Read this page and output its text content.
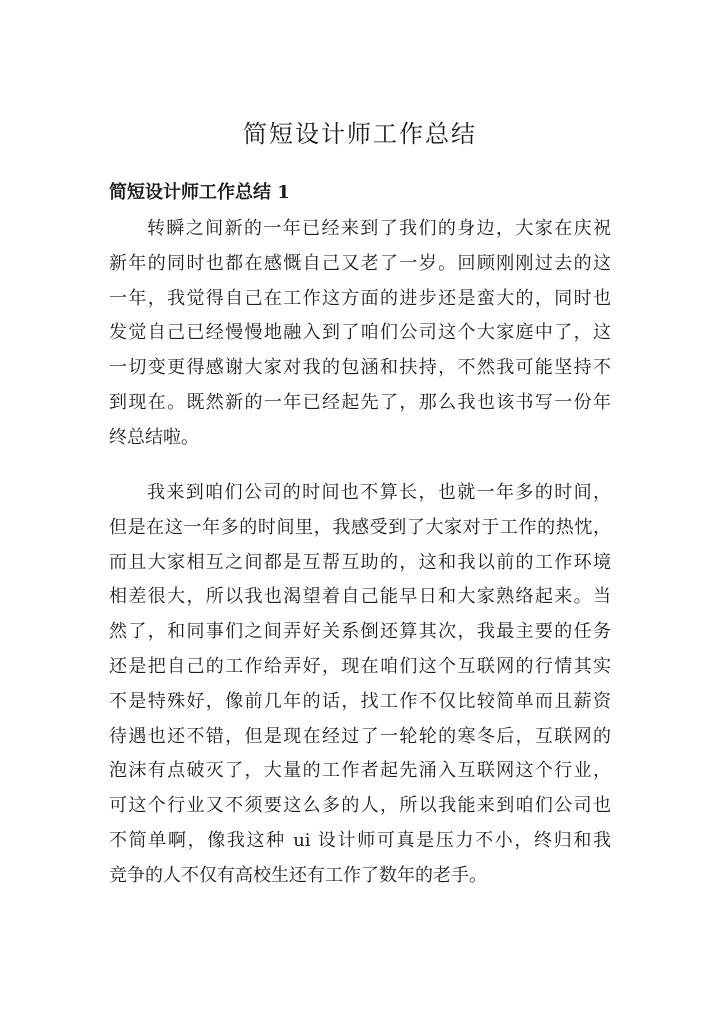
简短设计师工作总结
简短设计师工作总结 1

转瞬之间新的一年已经来到了我们的身边，大家在庆祝
新年的同时也都在感慨自己又老了一岁。回顾刚刚过去的这
一年，我觉得自己在工作这方面的进步还是蛮大的，同时也
发觉自己已经慢慢地融入到了咱们公司这个大家庭中了，这
一切变更得感谢大家对我的包涵和扶持，不然我可能坚持不
到现在。既然新的一年已经起先了，那么我也该书写一份年
终总结啦。

我来到咱们公司的时间也不算长，也就一年多的时间，
但是在这一年多的时间里，我感受到了大家对于工作的热忱，
而且大家相互之间都是互帮互助的，这和我以前的工作环境
相差很大，所以我也渴望着自己能早日和大家熟络起来。当
然了，和同事们之间弄好关系倒还算其次，我最主要的任务
还是把自己的工作给弄好，现在咱们这个互联网的行情其实
不是特殊好，像前几年的话，找工作不仅比较简单而且薪资
待遇也还不错，但是现在经过了一轮轮的寒冬后，互联网的
泡沫有点破灭了，大量的工作者起先涌入互联网这个行业，
可这个行业又不须要这么多的人，所以我能来到咱们公司也
不简单啊，像我这种 ui 设计师可真是压力不小，终归和我
竞争的人不仅有高校生还有工作了数年的老手。
